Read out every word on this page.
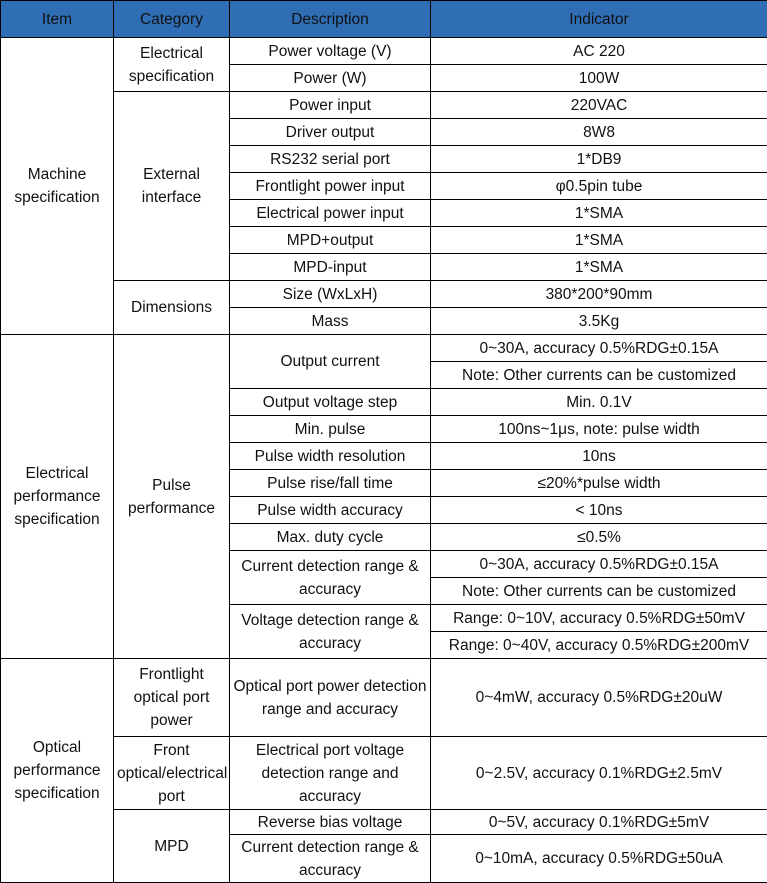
Item	Category	Description	Indicator
Machine specification	Electrical specification	Power voltage (V)	AC 220
		Power (W)	100W
	External interface	Power input	220VAC
		Driver output	8W8
		RS232 serial port	1*DB9
		Frontlight power input	φ0.5pin tube
		Electrical power input	1*SMA
		MPD+output	1*SMA
		MPD-input	1*SMA
	Dimensions	Size (WxLxH)	380*200*90mm
		Mass	3.5Kg
Electrical performance specification	Pulse performance	Output current	0~30A, accuracy 0.5%RDG±0.15A
			Note: Other currents can be customized
		Output voltage step	Min. 0.1V
		Min. pulse	100ns~1μs, note: pulse width
		Pulse width resolution	10ns
		Pulse rise/fall time	≤20%*pulse width
		Pulse width accuracy	< 10ns
		Max. duty cycle	≤0.5%
		Current detection range & accuracy	0~30A, accuracy 0.5%RDG±0.15A
			Note: Other currents can be customized
		Voltage detection range & accuracy	Range: 0~10V, accuracy 0.5%RDG±50mV
			Range: 0~40V, accuracy 0.5%RDG±200mV
Optical performance specification	Frontlight optical port power	Optical port power detection range and accuracy	0~4mW, accuracy 0.5%RDG±20uW
	Front optical/electrical port	Electrical port voltage detection range and accuracy	0~2.5V, accuracy 0.1%RDG±2.5mV
	MPD	Reverse bias voltage	0~5V, accuracy 0.1%RDG±5mV
		Current detection range & accuracy	0~10mA, accuracy 0.5%RDG±50uA
